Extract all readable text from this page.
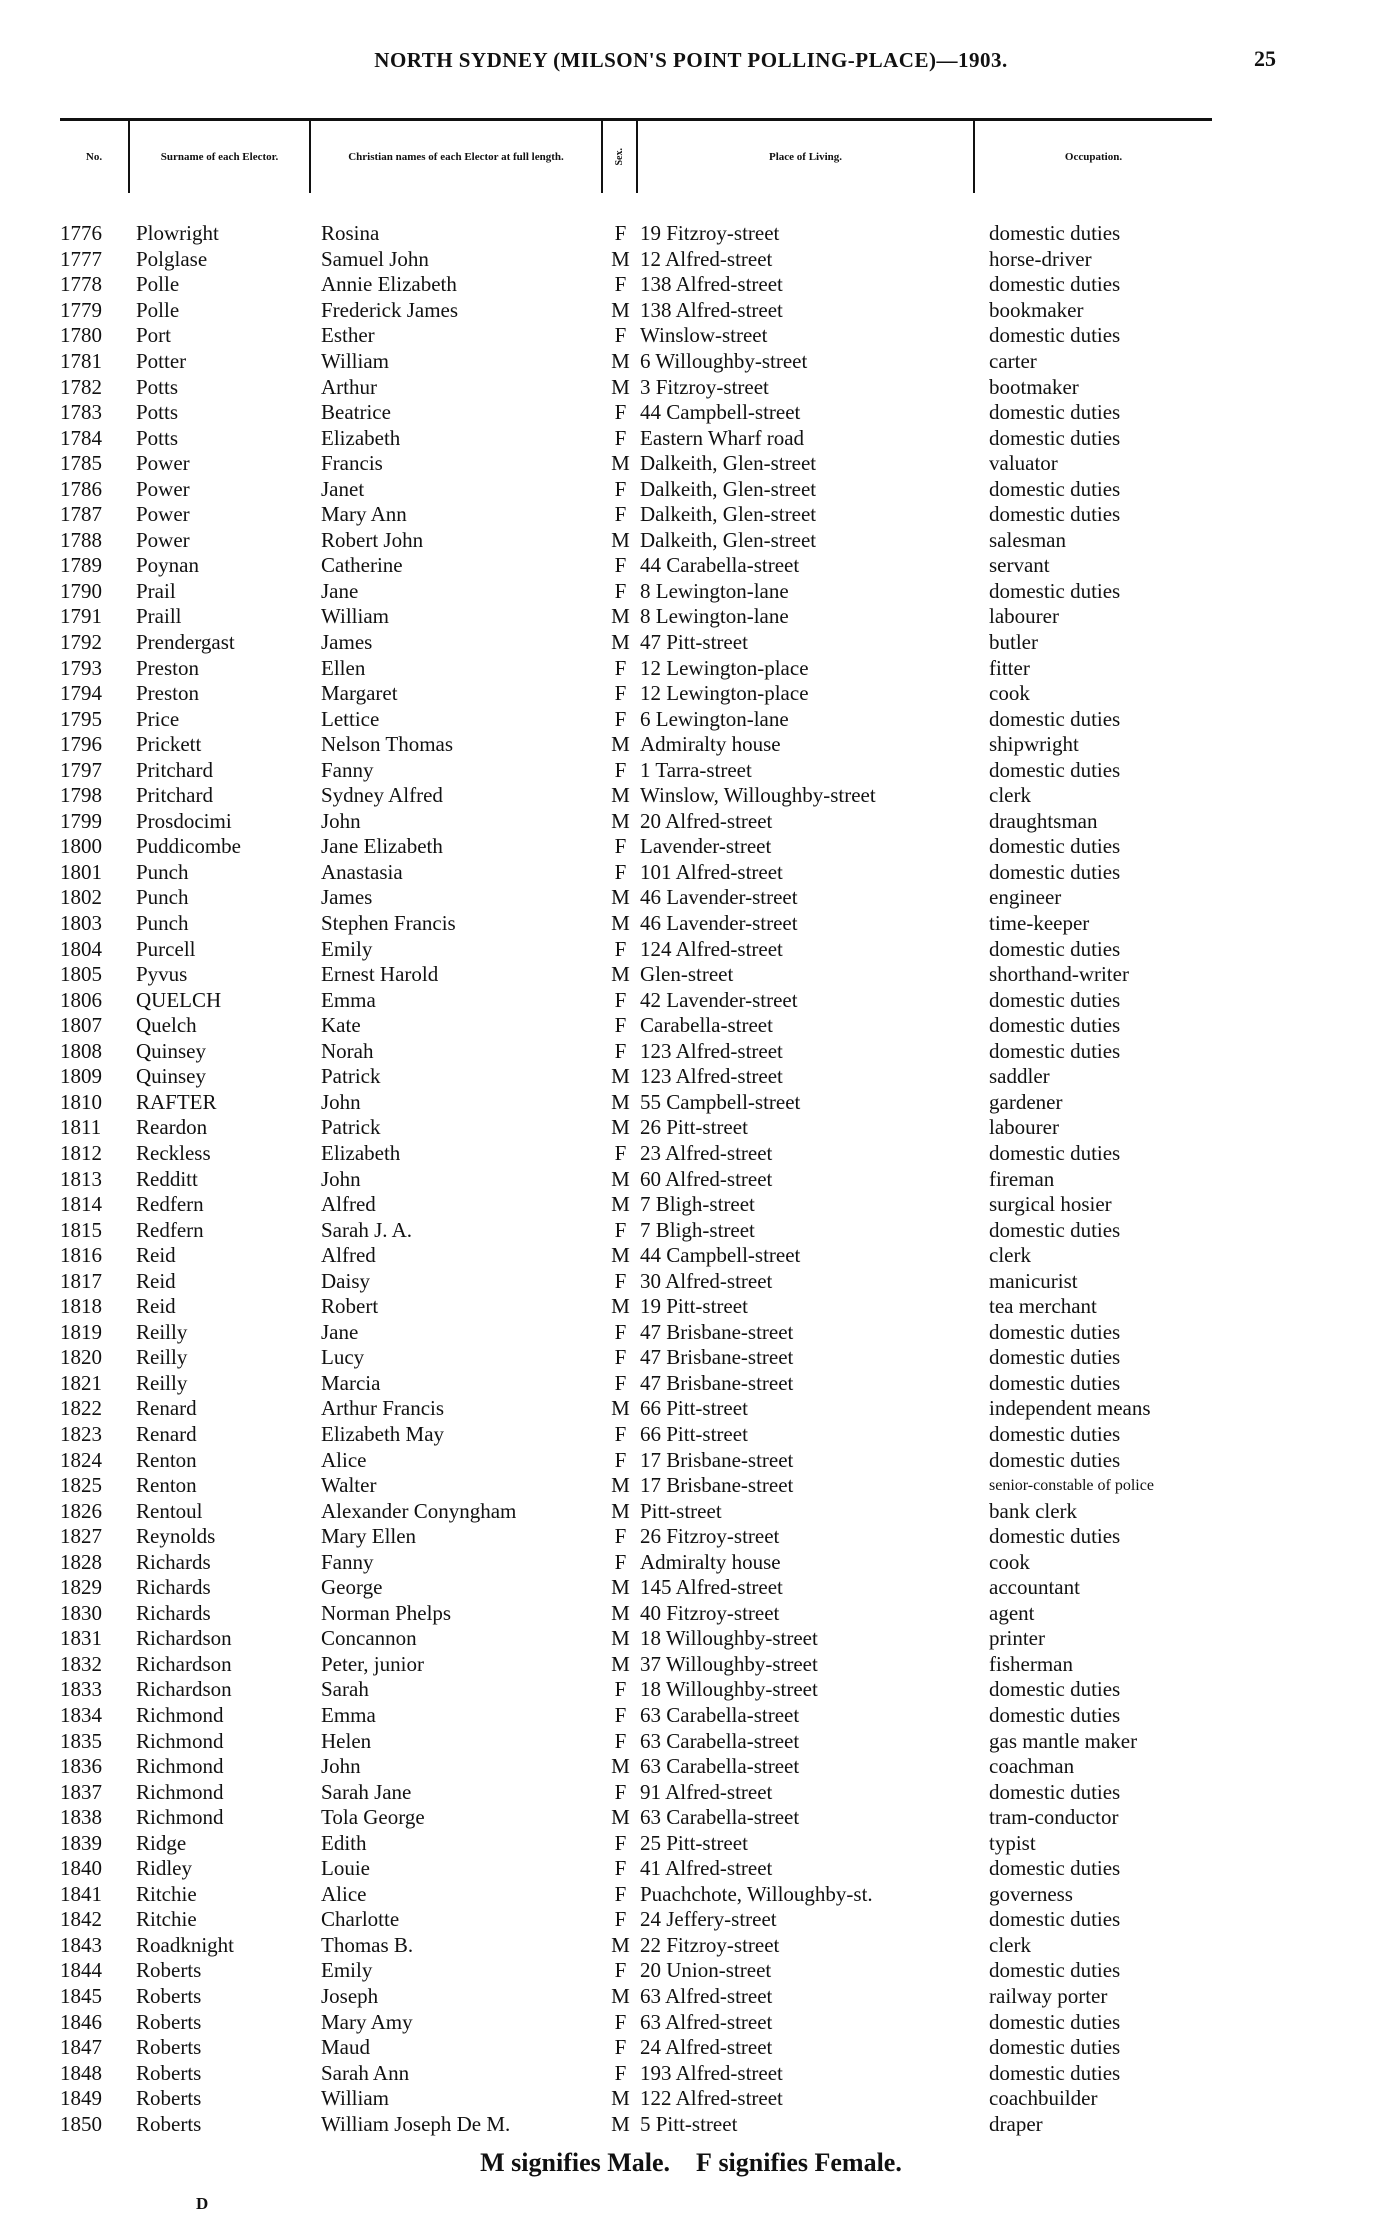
NORTH SYDNEY (MILSON'S POINT POLLING-PLACE)—1903.	25
No.	Surname of each Elector.	Christian names of each Elector at full length.	Sex.	Place of Living.	Occupation.
1776	Plowright	Rosina	F 19 Fitzroy-street	domestic duties
1777	Polglase	Samuel John	M 12 Alfred-street	horse-driver
1778	Polle	Annie Elizabeth	F 138 Alfred-street	domestic duties
1779	Polle	Frederick James	M 138 Alfred-street	bookmaker
1780	Port	Esther	F Winslow-street	domestic duties
1781	Potter	William	M 6 Willoughby-street	carter
1782	Potts	Arthur	M 3 Fitzroy-street	bootmaker
1783	Potts	Beatrice	F 44 Campbell-street	domestic duties
1784	Potts	Elizabeth	F Eastern Wharf road	domestic duties
1785	Power	Francis	M Dalkeith, Glen-street	valuator
1786	Power	Janet	F Dalkeith, Glen-street	domestic duties
1787	Power	Mary Ann	F Dalkeith, Glen-street	domestic duties
1788	Power	Robert John	M Dalkeith, Glen-street	salesman
1789	Poynan	Catherine	F 44 Carabella-street	servant
1790	Prail	Jane	F 8 Lewington-lane	domestic duties
1791	Praill	William	M 8 Lewington-lane	labourer
1792	Prendergast	James	M 47 Pitt-street	butler
1793	Preston	Ellen	F 12 Lewington-place	fitter
1794	Preston	Margaret	F 12 Lewington-place	cook
1795	Price	Lettice	F 6 Lewington-lane	domestic duties
1796	Prickett	Nelson Thomas	M Admiralty house	shipwright
1797	Pritchard	Fanny	F 1 Tarra-street	domestic duties
1798	Pritchard	Sydney Alfred	M Winslow, Willoughby-street	clerk
1799	Prosdocimi	John	M 20 Alfred-street	draughtsman
1800	Puddicombe	Jane Elizabeth	F Lavender-street	domestic duties
1801	Punch	Anastasia	F 101 Alfred-street	domestic duties
1802	Punch	James	M 46 Lavender-street	engineer
1803	Punch	Stephen Francis	M 46 Lavender-street	time-keeper
1804	Purcell	Emily	F 124 Alfred-street	domestic duties
1805	Pyvus	Ernest Harold	M Glen-street	shorthand-writer
1806	QUELCH	Emma	F 42 Lavender-street	domestic duties
1807	Quelch	Kate	F Carabella-street	domestic duties
1808	Quinsey	Norah	F 123 Alfred-street	domestic duties
1809	Quinsey	Patrick	M 123 Alfred-street	saddler
1810	RAFTER	John	M 55 Campbell-street	gardener
1811	Reardon	Patrick	M 26 Pitt-street	labourer
1812	Reckless	Elizabeth	F 23 Alfred-street	domestic duties
1813	Redditt	John	M 60 Alfred-street	fireman
1814	Redfern	Alfred	M 7 Bligh-street	surgical hosier
1815	Redfern	Sarah J. A.	F 7 Bligh-street	domestic duties
1816	Reid	Alfred	M 44 Campbell-street	clerk
1817	Reid	Daisy	F 30 Alfred-street	manicurist
1818	Reid	Robert	M 19 Pitt-street	tea merchant
1819	Reilly	Jane	F 47 Brisbane-street	domestic duties
1820	Reilly	Lucy	F 47 Brisbane-street	domestic duties
1821	Reilly	Marcia	F 47 Brisbane-street	domestic duties
1822	Renard	Arthur Francis	M 66 Pitt-street	independent means
1823	Renard	Elizabeth May	F 66 Pitt-street	domestic duties
1824	Renton	Alice	F 17 Brisbane-street	domestic duties
1825	Renton	Walter	M 17 Brisbane-street	senior-constable of police
1826	Rentoul	Alexander Conyngham	M Pitt-street	bank clerk
1827	Reynolds	Mary Ellen	F 26 Fitzroy-street	domestic duties
1828	Richards	Fanny	F Admiralty house	cook
1829	Richards	George	M 145 Alfred-street	accountant
1830	Richards	Norman Phelps	M 40 Fitzroy-street	agent
1831	Richardson	Concannon	M 18 Willoughby-street	printer
1832	Richardson	Peter, junior	M 37 Willoughby-street	fisherman
1833	Richardson	Sarah	F 18 Willoughby-street	domestic duties
1834	Richmond	Emma	F 63 Carabella-street	domestic duties
1835	Richmond	Helen	F 63 Carabella-street	gas mantle maker
1836	Richmond	John	M 63 Carabella-street	coachman
1837	Richmond	Sarah Jane	F 91 Alfred-street	domestic duties
1838	Richmond	Tola George	M 63 Carabella-street	tram-conductor
1839	Ridge	Edith	F 25 Pitt-street	typist
1840	Ridley	Louie	F 41 Alfred-street	domestic duties
1841	Ritchie	Alice	F Puachchote, Willoughby-st.	governess
1842	Ritchie	Charlotte	F 24 Jeffery-street	domestic duties
1843	Roadknight	Thomas B.	M 22 Fitzroy-street	clerk
1844	Roberts	Emily	F 20 Union-street	domestic duties
1845	Roberts	Joseph	M 63 Alfred-street	railway porter
1846	Roberts	Mary Amy	F 63 Alfred-street	domestic duties
1847	Roberts	Maud	F 24 Alfred-street	domestic duties
1848	Roberts	Sarah Ann	F 193 Alfred-street	domestic duties
1849	Roberts	William	M 122 Alfred-street	coachbuilder
1850	Roberts	William Joseph De M.	M 5 Pitt-street	draper
M signifies Male. F signifies Female.
D
